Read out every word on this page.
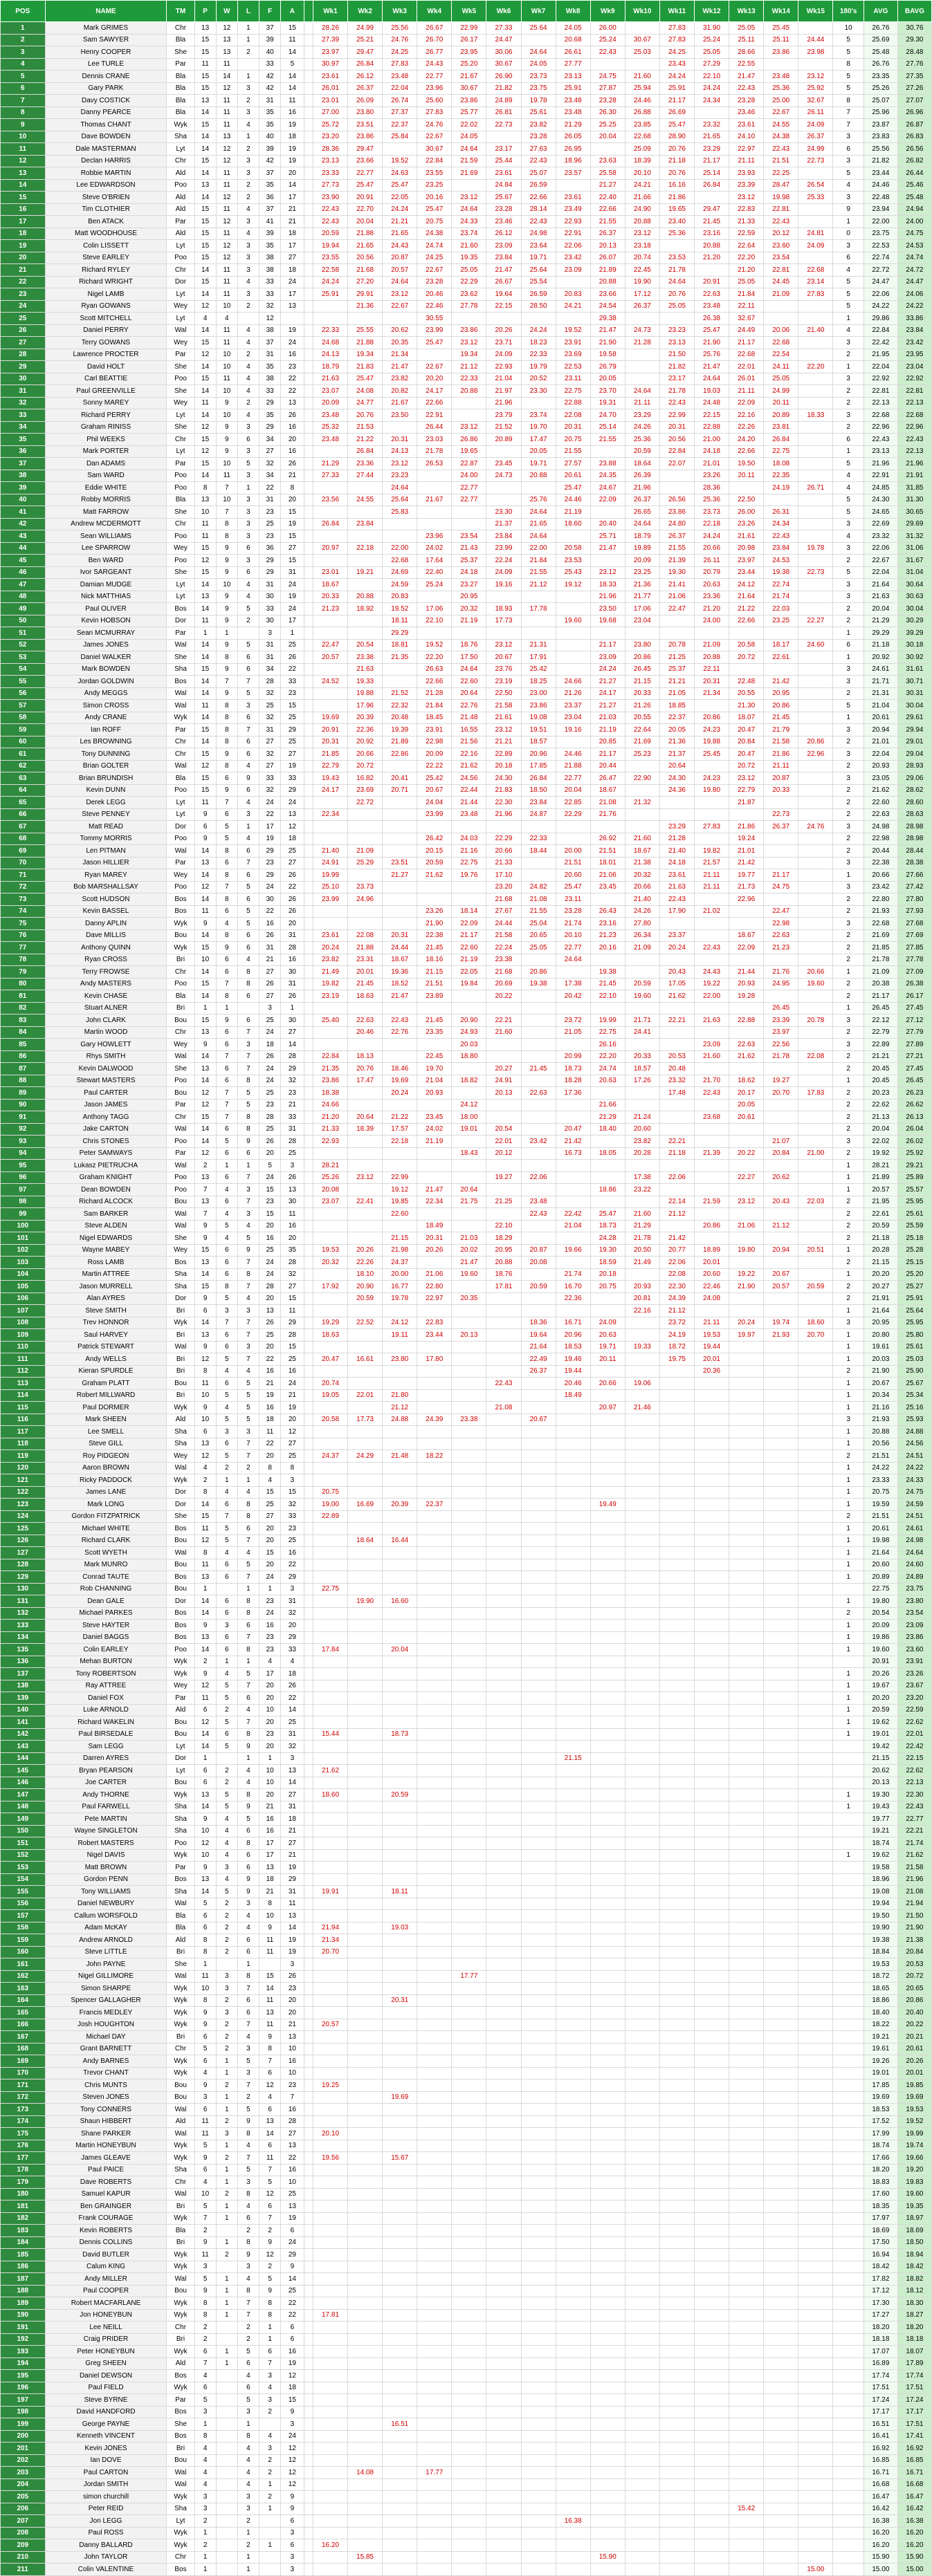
POS	NAME	TM	P	W	L	F	A		Wk1	Wk2	Wk3	Wk4	Wk5	Wk6	Wk7	Wk8	Wk9	Wk10	Wk11	Wk12	Wk13	Wk14	Wk15	180's	AVG	BAVG
1	Mark GRIMES	Chr	13	12	1	37	15		28.26	24.99	25.56	26.67	22.99	27.33	25.64	24.05	26.00		27.83	31.90	25.05	25.45		10	26.76	30.76
2	Sam SAWYER	Bla	15	13	1	39	11		27.39	25.21	24.76	26.70	26.17	24.47		20.68	25.24	30.67	27.83	25.24	25.11	25.11	24.44	5	25.69	29.30
3	Henry COOPER	She	15	13	2	40	14		23.97	29.47	24.25	26.77	23.95	30.06	24.64	26.61	22.43	25.03	24.25	25.05	28.66	23.86	23.98	5	25.48	28.48
4	Lee TURLE	Par	11	11		33	5		30.97	26.84	27.83	24.43	25.20	30.67	24.05	27.77			23.43	27.29	22.55			8	26.76	27.76
5	Dennis CRANE	Bla	15	14	1	42	14		23.61	26.12	23.48	22.77	21.67	26.90	23.73	23.13	24.75	21.60	24.24	22.10	21.47	23.48	23.12	5	23.35	27.35
6	Gary PARK	Bla	15	12	3	42	14		26.01	26.37	22.04	23.96	30.67	21.82	23.75	25.91	27.87	25.94	25.91	24.24	22.43	25.36	25.92	5	25.26	27.26
7	Davy COSTICK	Bla	13	11	2	31	11		23.01	26.09	26.74	25.60	23.86	24.89	19.78	23.48	23.28	24.46	21.17	24.34	23.28	25.00	32.67	8	25.07	27.07
8	Danny PEARCE	Bla	14	11	3	35	16		27.00	23.80	27.37	27.83	25.77	26.81	25.61	23.48	26.30	26.88	26.69		23.46	22.67	26.11	7	25.96	26.96
9	Thomas CHANT	Wyk	15	11	4	35	19		25.72	23.51	22.37	24.76	22.02	22.73	23.82	21.29	25.25	23.85	25.47	23.32	23.61	24.55	24.09	7	23.87	26.87
10	Dave BOWDEN	Sha	14	13	1	40	18		23.20	23.86	25.84	22.67	24.05		23.28	26.05	20.04	22.68	28.90	21.65	24.10	24.38	26.37	3	23.83	26.83
11	Dale MASTERMAN	Lyt	14	12	2	39	19		28.36	29.47		30.67	24.64	23.17	27.63	26.95		25.09	20.76	23.29	22.97	22.43	24.99	6	25.56	26.56
12	Declan HARRIS	Chr	15	12	3	42	19		23.13	23.66	19.52	22.84	21.59	25.44	22.43	18.96	23.63	18.39	21.18	21.17	21.11	21.51	22.73	3	21.82	26.82
13	Robbie MARTIN	Ald	14	11	3	37	20		23.33	22.77	24.63	23.55	21.69	23.61	25.07	23.57	25.58	20.10	20.76	25.14	23.93	22.25		5	23.44	26.44
14	Lee EDWARDSON	Poo	13	11	2	35	14		27.73	25.47	25.47	23.25		24.84	26.59		21.27	24.21	16.16	26.84	23.39	28.47	26.54	4	24.46	25.46
15	Steve O'BRIEN	Ald	14	12	2	36	17		23.90	20.91	22.05	20.16	23.12	25.67	22.66	23.61	22.40	21.66	21.86		23.12	19.98	25.33	3	22.48	25.48
16	Tim CLOTHIER	Ald	15	11	4	37	21		22.43	22.70	24.24	25.47	24.64	23.28	28.14	23.49	22.66	24.90	19.65	29.47	22.83	22.81		9	23.94	24.94
17	Ben ATACK	Par	15	12	3	41	21		22.43	20.04	21.21	20.75	24.33	23.46	22.43	22.93	21.55	20.88	23.40	21.45	21.33	22.43		1	22.00	24.00
18	Matt WOODHOUSE	Ald	15	11	4	39	18		20.59	21.88	21.65	24.38	23.74	26.12	24.98	22.91	26.37	23.12	25.36	23.16	22.59	20.12	24.81	0	23.75	24.75
19	Colin LISSETT	Lyt	15	12	3	35	17		19.94	21.65	24.43	24.74	21.60	23.09	23.64	22.06	20.13	23.18		20.88	22.64	23.60	24.09	3	22.53	24.53
20	Steve EARLEY	Poo	15	12	3	38	27		23.55	20.56	20.87	24.25	19.35	23.84	19.71	23.42	26.07	20.74	23.53	21.20	22.20	23.54		6	22.74	24.74
21	Richard RYLEY	Chr	14	11	3	38	18		22.58	21.68	20.57	22.67	25.05	21.47	25.64	23.09	21.89	22.45	21.78		21.20	22.81	22.68	4	22.72	24.72
22	Richard WRIGHT	Dor	15	11	4	33	24		24.24	27.20	24.64	23.28	22.29	26.67	25.54		20.88	19.90	24.64	20.91	25.05	24.45	23.14	5	24.47	24.47
23	Nigel LAMB	Lyt	14	11	3	33	17		25.91	29.91	23.12	20.46	23.62	19.64	26.59	20.83	23.66	17.12	20.76	22.63	21.84	21.09	27.83	5	22.06	24.06
24	Ryan GOWANS	Wey	12	10	2	32	13			21.36	22.67	22.46	27.78	22.15	28.50	24.21	24.54	26.37	25.05	23.48	22.11			5	24.22	24.22
25	Scott MITCHELL	Lyt	4	4		12						30.55					29.38			26.38	32.67			1	29.86	33.86
26	Daniel PERRY	Wal	14	11	4	38	19		22.33	25.55	20.62	23.99	23.86	20.26	24.24	19.52	21.47	24.73	23.23	25.47	24.49	20.06	21.40	4	22.84	23.84
27	Terry GOWANS	Wey	15	11	4	37	24		24.68	21.88	20.35	25.47	23.12	23.71	18.23	23.91	21.90	21.28	23.13	21.90	21.17	22.68		3	22.42	23.42
28	Lawrence PROCTER	Par	12	10	2	31	16		24.13	19.34	21.34		19.34	24.09	22.33	23.69	19.58		21.50	25.76	22.68	22.54		2	21.95	23.95
29	David HOLT	She	14	10	4	35	23		18.79	21.83	21.47	22.67	21.12	22.93	19.79	22.53	26.79		21.82	21.47	22.01	24.11	22.20	1	22.04	23.04
30	Carl BEATTIE	Poo	15	11	4	38	22		21.63	25.47	23.82	20.20	22.33	21.04	20.52	23.11	20.05		23.17	24.64	26.01	25.05		3	22.92	22.92
31	Paul GREENVILLE	She	14	10	4	33	22		23.07	24.08	20.82	24.17	20.88	21.97	23.30	22.75	23.70	24.64	21.78	19.03	21.11	24.99		2	22.81	22.81
32	Sonny MAREY	Wey	11	9	2	29	13		20.09	24.77	21.67	22.66		21.96		22.88	19.31	21.11	22.43	24.48	22.09	20.11		2	22.13	22.13
33	Richard PERRY	Lyt	14	10	4	35	26		23.48	20.76	23.50	22.91		23.79	23.74	22.08	24.70	23.29	22.99	22.15	22.16	20.89	18.33	3	22.68	22.68
34	Graham RINISS	She	12	9	3	29	16		25.32	21.53		26.44	23.12	21.52	19.70	20.31	25.14	24.26	20.31	22.88	22.26	23.81		2	22.96	22.96
35	Phil WEEKS	Chr	15	9	6	34	20		23.48	21.22	20.31	23.03	26.86	20.89	17.47	20.75	21.55	25.36	20.56	21.00	24.20	26.84		6	22.43	22.43
36	Mark PORTER	Lyt	12	9	3	27	16			26.84	24.13	21.78	19.65		20.05	21.55		20.59	22.84	24.18	22.66	22.75		1	23.13	22.13
37	Dan ADAMS	Par	15	10	5	32	26		21.29	23.36	23.12	26.53	22.87	23.45	19.71	27.57	23.88	18.64	22.07	21.01	19.50	18.08		5	21.96	21.96
38	Sam WARD	Poo	14	11	3	34	21		27.33	27.44	23.23		24.00	24.73	20.88	20.61	24.35	26.39		23.26	20.11	22.35		4	22.91	21.91
39	Eddie WHITE	Poo	8	7	1	22	8				24.64		22.77			25.47	24.67	21.96		28.36		24.19	26.71	4	24.85	31.85
40	Robby MORRIS	Bla	13	10	3	31	20		23.56	24.55	25.64	21.67	22.77		25.76	24.46	22.09	26.37	26.56	25.36	22.50			5	24.30	31.30
41	Matt FARROW	She	10	7	3	23	15				25.83			23.30	24.64	21.19		26.65	23.86	23.73	26.00	26.31		5	24.65	30.65
42	Andrew MCDERMOTT	Chr	11	8	3	25	19		26.84	23.84				21.37	21.65	18.60	20.40	24.64	24.80	22.18	23.26	24.34		3	22.69	29.69
43	Sean WILLIAMS	Poo	11	8	3	23	15					23.96	23.54	23.84	24.64		25.71	18.79	26.37	24.24	21.61	22.43		4	23.32	31.32
44	Lee SPARROW	Wey	15	9	6	36	27		20.97	22.18	22.00	24.02	21.43	23.99	22.00	20.58	21.47	19.89	21.55	20.66	20.98	23.84	19.78	3	22.06	31.06
45	Ben WARD	Poo	12	9	3	29	15				22.68	17.64	25.37	22.24	21.84	23.53		20.09	21.39	26.11	23.97	24.53		2	22.67	31.67
46	Ivor SARGEANT	She	15	9	6	29	31		23.01	19.21	24.69	22.40	24.18	24.09	21.55	25.43	23.12	23.25	19.30	20.79	23.44	19.38	22.73	5	22.04	31.04
47	Damian MUDGE	Lyt	14	10	4	31	24		18.67		24.59	25.24	23.27	19.16	21.12	19.12	18.33	21.36	21.41	20.63	24.12	22.74		3	21.64	30.64
48	Nick MATTHIAS	Lyt	13	9	4	30	19		20.33	20.88	20.83		20.95				21.96	21.77	21.06	23.36	21.64	21.74		3	21.63	30.63
49	Paul OLIVER	Bos	14	9	5	33	24		21.23	18.92	19.52	17.06	20.32	18.93	17.78		23.50	17.06	22.47	21.20	21.22	22.03		2	20.04	30.04
50	Kevin HOBSON	Dor	11	9	2	30	17				18.11	22.10	21.19	17.73		19.60	19.68	23.04		24.00	22.66	23.25	22.27	2	21.29	30.29
51	Sean MCMURRAY	Par	1	1		3	1				29.29													1	29.29	39.29
52	James JONES	Wal	14	9	5	31	25		22.47	20.54	18.81	19.52	18.76	23.12	21.31		21.17	23.80	20.78	21.09	20.58	18.17	24.60	6	21.18	30.18
53	Daniel WALKER	She	14	8	6	31	26		20.57	23.38	21.35	22.20	17.50	20.67	17.91		23.09	20.86	21.25	20.88	20.72	22.61		1	20.92	30.92
54	Mark BOWDEN	Sha	15	9	6	34	22			21.63		26.63	24.64	23.76	25.42		24.24	26.45	25.37	22.11				3	24.61	31.61
55	Jordan GOLDWIN	Bos	14	7	7	28	33		24.52	19.33		22.66	22.60	23.19	18.25	24.66	21.27	21.15	21.21	20.31	22.48	21.42		3	21.71	30.71
56	Andy MEGGS	Wal	14	9	5	32	23			19.88	21.52	21.28	20.64	22.50	23.00	21.26	24.17	20.33	21.05	21.34	20.55	20.95		2	21.31	30.31
57	Simon CROSS	Wal	11	8	3	25	15			17.96	22.32	21.84	22.76	21.58	23.86	23.37	21.27	21.26	18.85		21.30	20.86		5	21.04	30.04
58	Andy CRANE	Wyk	14	8	6	32	25		19.69	20.39	20.48	18.45	21.48	21.61	19.08	23.04	21.03	20.55	22.37	20.86	18.07	21.45		1	20.61	29.61
59	Ian ROFF	Par	15	8	7	31	29		20.91	22.36	19.39	23.91	16.55	23.12	19.51	19.16	21.19	22.64	20.05	24.23	20.47	21.79		3	20.94	29.94
60	Les BROWNING	Chr	14	8	6	27	25		20.31	20.92	21.89	22.98	21.56	21.21	18.57		20.85	21.69	21.36	19.88	20.84	21.58	20.86	2	21.01	29.01
61	Tony DUNNING	Chr	15	9	6	32	27		21.85	20.66	22.86	20.09	22.16	22.89	20.96	24.46	21.17	25.23	21.37	25.45	20.47	21.86	22.96	3	22.04	29.04
62	Brian GOLTER	Wal	12	8	4	27	19		22.79	20.72		22.22	21.62	20.18	17.85	21.88	20.44		20.64		20.72	21.11		2	20.93	28.93
63	Brian BRUNDISH	Bla	15	6	9	33	33		19.43	16.82	20.41	25.42	24.56	24.30	26.84	22.77	26.47	22.90	24.30	24.23	23.12	20.87		3	23.05	29.06
64	Kevin DUNN	Poo	15	9	6	32	29		24.17	23.69	20.71	20.67	22.44	21.83	18.50	20.04	18.67		24.36	19.80	22.79	20.33		2	21.62	28.62
65	Derek LEGG	Lyt	11	7	4	24	24			22.72		24.04	21.44	22.30	23.84	22.85	21.08	21.32			21.87			2	22.60	28.60
66	Steve PENNEY	Lyt	9	6	3	22	13		22.34			23.99	23.48	21.96	24.87	22.29	21.76					22.73		2	22.63	28.63
67	Matt READ	Dor	6	5	1	17	12												23.29	27.83	21.86	26.37	24.76	3	24.98	28.98
68	Tommy MORRIS	Poo	9	5	4	19	18					26.42	24.03	22.29	22.33		26.92	21.60	21.28		19.24			2	22.98	28.98
69	Len PITMAN	Wal	14	8	6	29	25		21.40	21.09		20.15	21.16	20.66	18.44	20.00	21.51	18.67	21.40	19.82	21.01			2	20.44	28.44
70	Jason HILLIER	Par	13	6	7	23	27		24.91	25.29	23.51	20.59	22.75	21.33		21.51	18.01	21.38	24.18	21.57	21.42			3	22.38	28.38
71	Ryan MAREY	Wey	14	8	6	29	26		19.99		21.27	21.62	19.76	17.10		20.60	21.06	20.32	23.61	21.11	19.77	21.17		1	20.66	27.66
72	Bob MARSHALLSAY	Poo	12	7	5	24	22		25.10	23.73				23.20	24.82	25.47	23.45	20.66	21.63	21.11	21.73	24.75		3	23.42	27.42
73	Scott HUDSON	Bos	14	8	6	30	26		23.99	24.96				21.68	21.08	23.11		21.40	22.43		22.96			2	22.80	27.80
74	Kevin BASSEL	Bos	11	6	5	22	26					23.26	18.14	27.67	21.55	23.28	26.43	24.26	17.90	21.02		22.47		2	21.93	27.93
75	Danny APLIN	Wyk	9	4	5	16	20					21.90	22.09	24.44	25.04	21.74	23.16	27.80				22.98		3	22.68	27.68
76	Dave MILLIS	Bou	14	8	6	26	31		23.61	22.08	20.31	22.38	21.17	21.58	20.65	20.10	21.23	26.34	23.37		18.67	22.63		2	21.69	27.69
77	Anthony QUINN	Wyk	15	9	6	31	28		20.24	21.88	24.44	21.45	22.60	22.24	25.05	22.77	20.16	21.09	20.24	22.43	22.09	21.23		2	21.85	27.85
78	Ryan CROSS	Bri	10	6	4	21	16		23.82	23.31	18.67	18.16	21.19	23.38		24.64								2	21.78	27.78
79	Terry FROWSE	Chr	14	6	8	27	30		21.49	20.01	19.36	21.15	22.05	21.68	20.86		19.38		20.43	24.43	21.44	21.76	20.66	1	21.09	27.09
80	Andy MASTERS	Poo	15	7	8	26	31		19.82	21.45	18.52	21.51	19.84	20.69	19.38	17.38	21.45	20.59	17.05	19.22	20.93	24.95	19.60	2	20.38	26.38
81	Kevin CHASE	Bla	14	8	6	27	26		23.19	18.63	21.47	23.89		20.22		20.42	22.10	19.60	21.62	22.00	19.28			2	21.17	26.17
82	Stuart ALNER	Bri	1	1		3	1															26.45		1	26.45	27.45
83	John CLARK	Bou	15	9	6	25	30		25.40	22.63	22.43	21.45	20.90	22.21		23.72	19.99	21.71	22.21	21.63	22.88	23.39	20.78	3	22.12	27.12
84	Martin WOOD	Chr	13	6	7	24	27			20.46	22.76	23.35	24.93	21.60		21.05	22.75	24.41				23.97		2	22.79	27.79
85	Gary HOWLETT	Wey	9	6	3	18	14						20.03				26.16			23.09	22.63	22.56		3	22.89	27.89
86	Rhys SMITH	Wal	14	7	7	26	28		22.84	18.13		22.45	18.80			20.99	22.20	20.33	20.53	21.60	21.62	21.78	22.08	2	21.21	27.21
87	Kevin DALWOOD	She	13	6	7	24	29		21.35	20.76	18.46	19.70		20.27	21.45	18.73	24.74	18.57	20.48					2	20.45	27.45
88	Stewart MASTERS	Poo	14	6	8	24	32		23.86	17.47	19.69	21.04	18.82	24.91		18.28	20.63	17.26	23.32	21.70	18.62	19.27		1	20.45	26.45
89	Paul CARTER	Bou	12	7	5	25	23		18.38		20.24	20.93		20.13	22.63	17.36			17.48	22.43	20.17	20.70	17.83	2	20.23	26.23
90	Jason JAMES	Par	12	7	5	23	21		24.66				24.12				21.66				20.05			2	22.62	26.62
91	Anthony TAGG	Chr	15	7	8	28	33		21.20	20.64	21.22	23.45	18.00				21.29	21.24		23.68	20.61			2	21.13	26.13
92	Jake CARTON	Wal	14	6	8	25	31		21.33	18.39	17.57	24.02	19.01	20.54		20.47	18.40	20.60						2	20.04	26.04
93	Chris STONES	Poo	14	5	9	26	28		22.93		22.18	21.19		22.01	23.42	21.42		23.82	22.21			21.07		3	22.02	26.02
94	Peter SAMWAYS	Par	12	6	6	20	25						18.43	20.12		16.73	18.05	20.28	21.18	21.39	20.22	20.84	21.00	2	19.92	25.92
95	Lukasz PIETRUCHA	Wal	2	1	1	5	3		28.21															1	28.21	29.21
96	Graham KNIGHT	Poo	13	6	7	24	26		25.26	23.12	22.99			19.27	22.06			17.38	22.06		22.27	20.62		1	21.89	25.89
97	Dean BOWDEN	Poo	7	4	3	15	13		20.08		19.12	21.47	20.64				18.86	23.22						1	20.57	25.57
98	Richard ALCOCK	Bou	13	6	7	23	30		23.07	22.41	19.85	22.34	21.75	21.25	23.48				22.14	21.59	23.12	20.43	22.03	2	21.95	25.95
99	Sam BARKER	Wal	7	4	3	15	11				22.60				22.43	22.42	25.47	21.60	21.12					2	22.61	25.61
100	Steve ALDEN	Wal	9	5	4	20	16					18.49		22.10		21.04	18.73	21.29		20.86	21.06	21.12		2	20.59	25.59
101	Nigel EDWARDS	She	9	4	5	16	20				21.15	20.31	21.03	18.29			24.28	21.78	21.42					2	21.18	25.18
102	Wayne MABEY	Wey	15	6	9	25	35		19.53	20.26	21.98	20.26	20.02	20.95	20.87	19.66	19.30	20.50	20.77	18.89	19.80	20.94	20.51	1	20.28	25.28
103	Ross LAMB	Bos	13	6	7	24	28		20.32	22.26	24.37		21.47	20.88	20.08		18.59	21.49	22.06	20.01				2	21.15	25.15
104	Martin ATTREE	Sha	14	6	8	24	32			18.10	20.00	21.06	19.60	18.76		21.74	20.18		22.08	20.60	19.22	20.67		1	20.20	25.20
105	Jason MURRELL	Sha	15	8	7	28	27		17.92	20.90	16.77	22.80		17.81	20.59	16.70	20.75	20.93	22.30	22.46	21.90	20.57	20.59	2	20.27	25.27
106	Alan AYRES	Dor	9	5	4	20	15			20.59	19.78	22.97	20.35			22.36		20.81	24.39	24.08				2	21.91	25.91
107	Steve SMITH	Bri	6	3	3	13	11											22.16	21.12					1	21.64	25.64
108	Trev HONNOR	Wyk	14	7	7	26	29		19.29	22.52	24.12	22.83			18.36	16.71	24.09		23.72	21.11	20.24	19.74	18.60	3	20.95	25.95
109	Saul HARVEY	Bri	13	6	7	25	28		18.63		19.11	23.44	20.13		19.64	20.96	20.63		24.19	19.53	19.97	21.93	20.70	1	20.80	25.80
110	Patrick STEWART	Wal	9	6	3	20	15								21.64	18.53	19.71	19.33	18.72	19.44				1	19.61	25.61
111	Andy WELLS	Bri	12	5	7	22	25		20.47	16.61	23.80	17.80			22.49	19.46	20.11		19.75	20.01				1	20.03	25.03
112	Kieran SPURDLE	Bri	8	4	4	16	16								26.37	19.44				20.36				2	21.90	25.90
113	Graham PLATT	Bou	11	6	5	21	24		20.74					22.43		20.46	20.66	19.06						1	20.67	25.67
114	Robert MILLWARD	Bri	10	5	5	19	21		19.05	22.01	21.80					18.49								1	20.34	25.34
115	Paul DORMER	Wyk	9	4	5	16	19				21.12			21.08			20.97	21.46						1	21.16	25.16
116	Mark SHEEN	Ald	10	5	5	18	20		20.58	17.73	24.88	24.39	23.38		20.67									3	21.93	25.93
117	Lee SMELL	Sha	6	3	3	11	12																	1	20.88	24.88
118	Steve GILL	Sha	13	6	7	22	27																	1	20.56	24.56
119	Roy PIDGEON	Wey	12	5	7	20	25		24.37	24.29	21.48	18.22												2	21.51	24.51
120	Aaron BROWN	Wal	4	2	2	8	8																	1	24.22	24.22
121	Ricky PADDOCK	Wyk	2	1	1	4	3																	1	23.33	24.33
122	James LANE	Dor	8	4	4	15	15		20.75															1	20.75	24.75
123	Mark LONG	Dor	14	6	8	25	32		19.00	16.69	20.39	22.37					19.49							1	19.59	24.59
124	Gordon FITZPATRICK	She	15	7	8	27	33		22.89															2	21.51	24.51
125	Michael WHITE	Bos	11	5	6	20	23																	1	20.61	24.61
126	Richard CLARK	Bou	12	5	7	20	25			18.64	16.44													1	19.98	24.98
127	Scott WYETH	Wal	8	4	4	15	16																	1	21.64	24.64
128	Mark MUNRO	Bou	11	6	5	20	22																	1	20.60	24.60
129	Conrad TAUTE	Bos	13	6	7	24	29																	1	20.89	24.89
130	Rob CHANNING	Bou	1		1	1	3		22.75																22.75	23.75
131	Dean GALE	Dor	14	6	8	23	31			19.90	16.60													1	19.80	23.80
132	Michael PARKES	Bos	14	6	8	24	32																	2	20.54	23.54
133	Steve HAYTER	Bos	9	3	6	16	20																	1	20.09	23.09
134	Daniel BAGGS	Bos	13	6	7	23	29																	1	19.86	23.86
135	Colin EARLEY	Poo	14	6	8	23	33		17.84		20.04													1	19.60	23.60
136	Mehan BURTON	Wyk	2	1	1	4	4																		20.91	23.91
137	Tony ROBERTSON	Wyk	9	4	5	17	18																	1	20.26	23.26
138	Ray ATTREE	Wey	12	5	7	20	26																	1	19.67	23.67
139	Daniel FOX	Par	11	5	6	20	22																	1	20.20	23.20
140	Luke ARNOLD	Ald	6	2	4	10	14																	1	20.59	22.59
141	Richard WAKELIN	Bou	12	5	7	20	25																	1	19.62	22.62
142	Paul BIRSEDALE	Bou	14	6	8	23	31		15.44		18.73													1	19.01	22.01
143	Sam LEGG	Lyt	14	5	9	20	32																		19.42	22.42
144	Darren AYRES	Dor	1		1	1	3									21.15									21.15	22.15
145	Bryan PEARSON	Lyt	6	2	4	10	13		21.62																20.62	22.62
146	Joe CARTER	Bou	6	2	4	10	14																		20.13	22.13
147	Andy THORNE	Wyk	13	5	8	20	27		18.60		20.59													1	19.30	22.30
148	Paul FARWELL	Sha	14	5	9	21	31																	1	19.43	22.43
149	Pete MARTIN	Sha	9	4	5	16	18																		19.77	22.77
150	Wayne SINGLETON	Sha	10	4	6	16	21																		19.21	22.21
151	Robert MASTERS	Poo	12	4	8	17	27																		18.74	21.74
152	Nigel DAVIS	Wyk	10	4	6	17	21																	1	19.62	21.62
153	Matt BROWN	Par	9	3	6	13	19																		19.58	21.58
154	Gordon PENN	Bos	13	4	9	18	29																		18.96	21.96
155	Tony WILLIAMS	Sha	14	5	9	21	31		19.91		18.11														19.08	21.08
156	Daniel NEWBURY	Wal	5	2	3	8	11																		19.94	21.94
157	Callum WORSFOLD	Bla	6	2	4	10	13																		19.50	21.50
158	Adam McKAY	Bla	6	2	4	9	14		21.94		19.03														19.90	21.90
159	Andrew ARNOLD	Ald	8	2	6	11	19		21.34																19.38	21.38
160	Steve LITTLE	Bri	8	2	6	11	19		20.70																18.84	20.84
161	John PAYNE	She	1		1		3																		19.53	20.53
162	Nigel GILLIMORE	Wal	11	3	8	15	26						17.77												18.72	20.72
163	Simon SHARPE	Wyk	10	3	7	14	23																		18.65	20.65
164	Spencer GALLAGHER	Wyk	8	2	6	11	20				20.31														18.86	20.86
165	Francis MEDLEY	Wyk	9	3	6	13	20																		18.40	20.40
166	Josh HOUGHTON	Wyk	9	2	7	11	21		20.57																18.22	20.22
167	Michael DAY	Bri	6	2	4	9	13																		19.21	20.21
168	Grant BARNETT	Chr	5	2	3	8	10																		19.61	20.61
169	Andy BARNES	Wyk	6	1	5	7	16																		19.26	20.26
170	Trevor CHANT	Wyk	4	1	3	6	10																		19.01	20.01
171	Chris MUNTS	Bou	9	2	7	12	23		19.25																17.85	19.85
172	Steven JONES	Bou	3	1	2	4	7				19.69														19.69	19.69
173	Tony CONNERS	Wal	6	1	5	6	16																		18.53	19.53
174	Shaun HIBBERT	Ald	11	2	9	13	28																		17.52	19.52
175	Shane PARKER	Wal	11	3	8	14	27		20.10																17.99	19.99
176	Martin HONEYBUN	Wyk	5	1	4	6	13																		18.74	19.74
177	James GLEAVE	Wyk	9	2	7	11	22		19.56		15.67														17.66	19.66
178	Paul PAICE	Sha	6	1	5	7	16																		18.20	19.20
179	Dave ROBERTS	Chr	4	1	3	5	10																		18.83	19.83
180	Samuel KAPUR	Wal	10	2	8	12	25																		17.60	19.60
181	Ben GRAINGER	Bri	5	1	4	6	13																		18.35	19.35
182	Frank COURAGE	Wyk	7	1	6	7	19																		17.97	18.97
183	Kevin ROBERTS	Bla	2		2	2	6																		18.69	18.69
184	Dennis COLLINS	Bri	9	1	8	9	24																		17.50	18.50
185	David BUTLER	Wyk	11	2	9	12	29																		16.94	18.94
186	Calum KING	Wyk	3		3	2	9																		18.42	18.42
187	Andy MILLER	Wal	5	1	4	5	14																		17.82	18.82
188	Paul COOPER	Bou	9	1	8	9	25																		17.12	18.12
189	Robert MACFARLANE	Wyk	8	1	7	8	22																		17.30	18.30
190	Jon HONEYBUN	Wyk	8	1	7	8	22		17.81																17.27	18.27
191	Lee NEILL	Chr	2		2	1	6																		18.20	18.20
192	Craig PRIDER	Bri	2		2	1	6																		18.18	18.18
193	Peter HONEYBUN	Wyk	6	1	5	6	16																		17.07	18.07
194	Greg SHEEN	Ald	7	1	6	7	19																		16.89	17.89
195	Daniel DEWSON	Bos	4		4	3	12																		17.74	17.74
196	Paul FIELD	Wyk	6		6	4	18																		17.51	17.51
197	Steve BYRNE	Par	5		5	3	15																		17.24	17.24
198	David HANDFORD	Bos	3		3	2	9																		17.17	17.17
199	George PAYNE	She	1		1		3				16.51														16.51	17.51
200	Kenneth VINCENT	Bos	8		8	4	24																		16.41	17.41
201	Kevin JONES	Bri	4		4	3	12																		16.92	16.92
202	Ian DOVE	Bou	4		4	2	12																		16.85	16.85
203	Paul CARTON	Wal	4		4	2	12			14.08		17.77													16.71	16.71
204	Jordan SMITH	Wal	4		4	1	12																		16.68	16.68
205	simon churchill	Wyk	3		3	2	9																		16.47	16.47
206	Peter REID	Sha	3		3	1	9														15.42				16.42	16.42
207	Jon LEGG	Lyt	2		2		6									16.38									16.38	16.38
208	Paul ROSS	Wyk	1		1		3																		16.20	16.20
209	Danny BALLARD	Wyk	2		2	1	6		16.20																16.20	16.20
210	John TAYLOR	Chr	1		1		3			15.85							15.90								15.90	15.90
211	Colin VALENTINE	Bos	1		1		3																15.00		15.00	15.00
